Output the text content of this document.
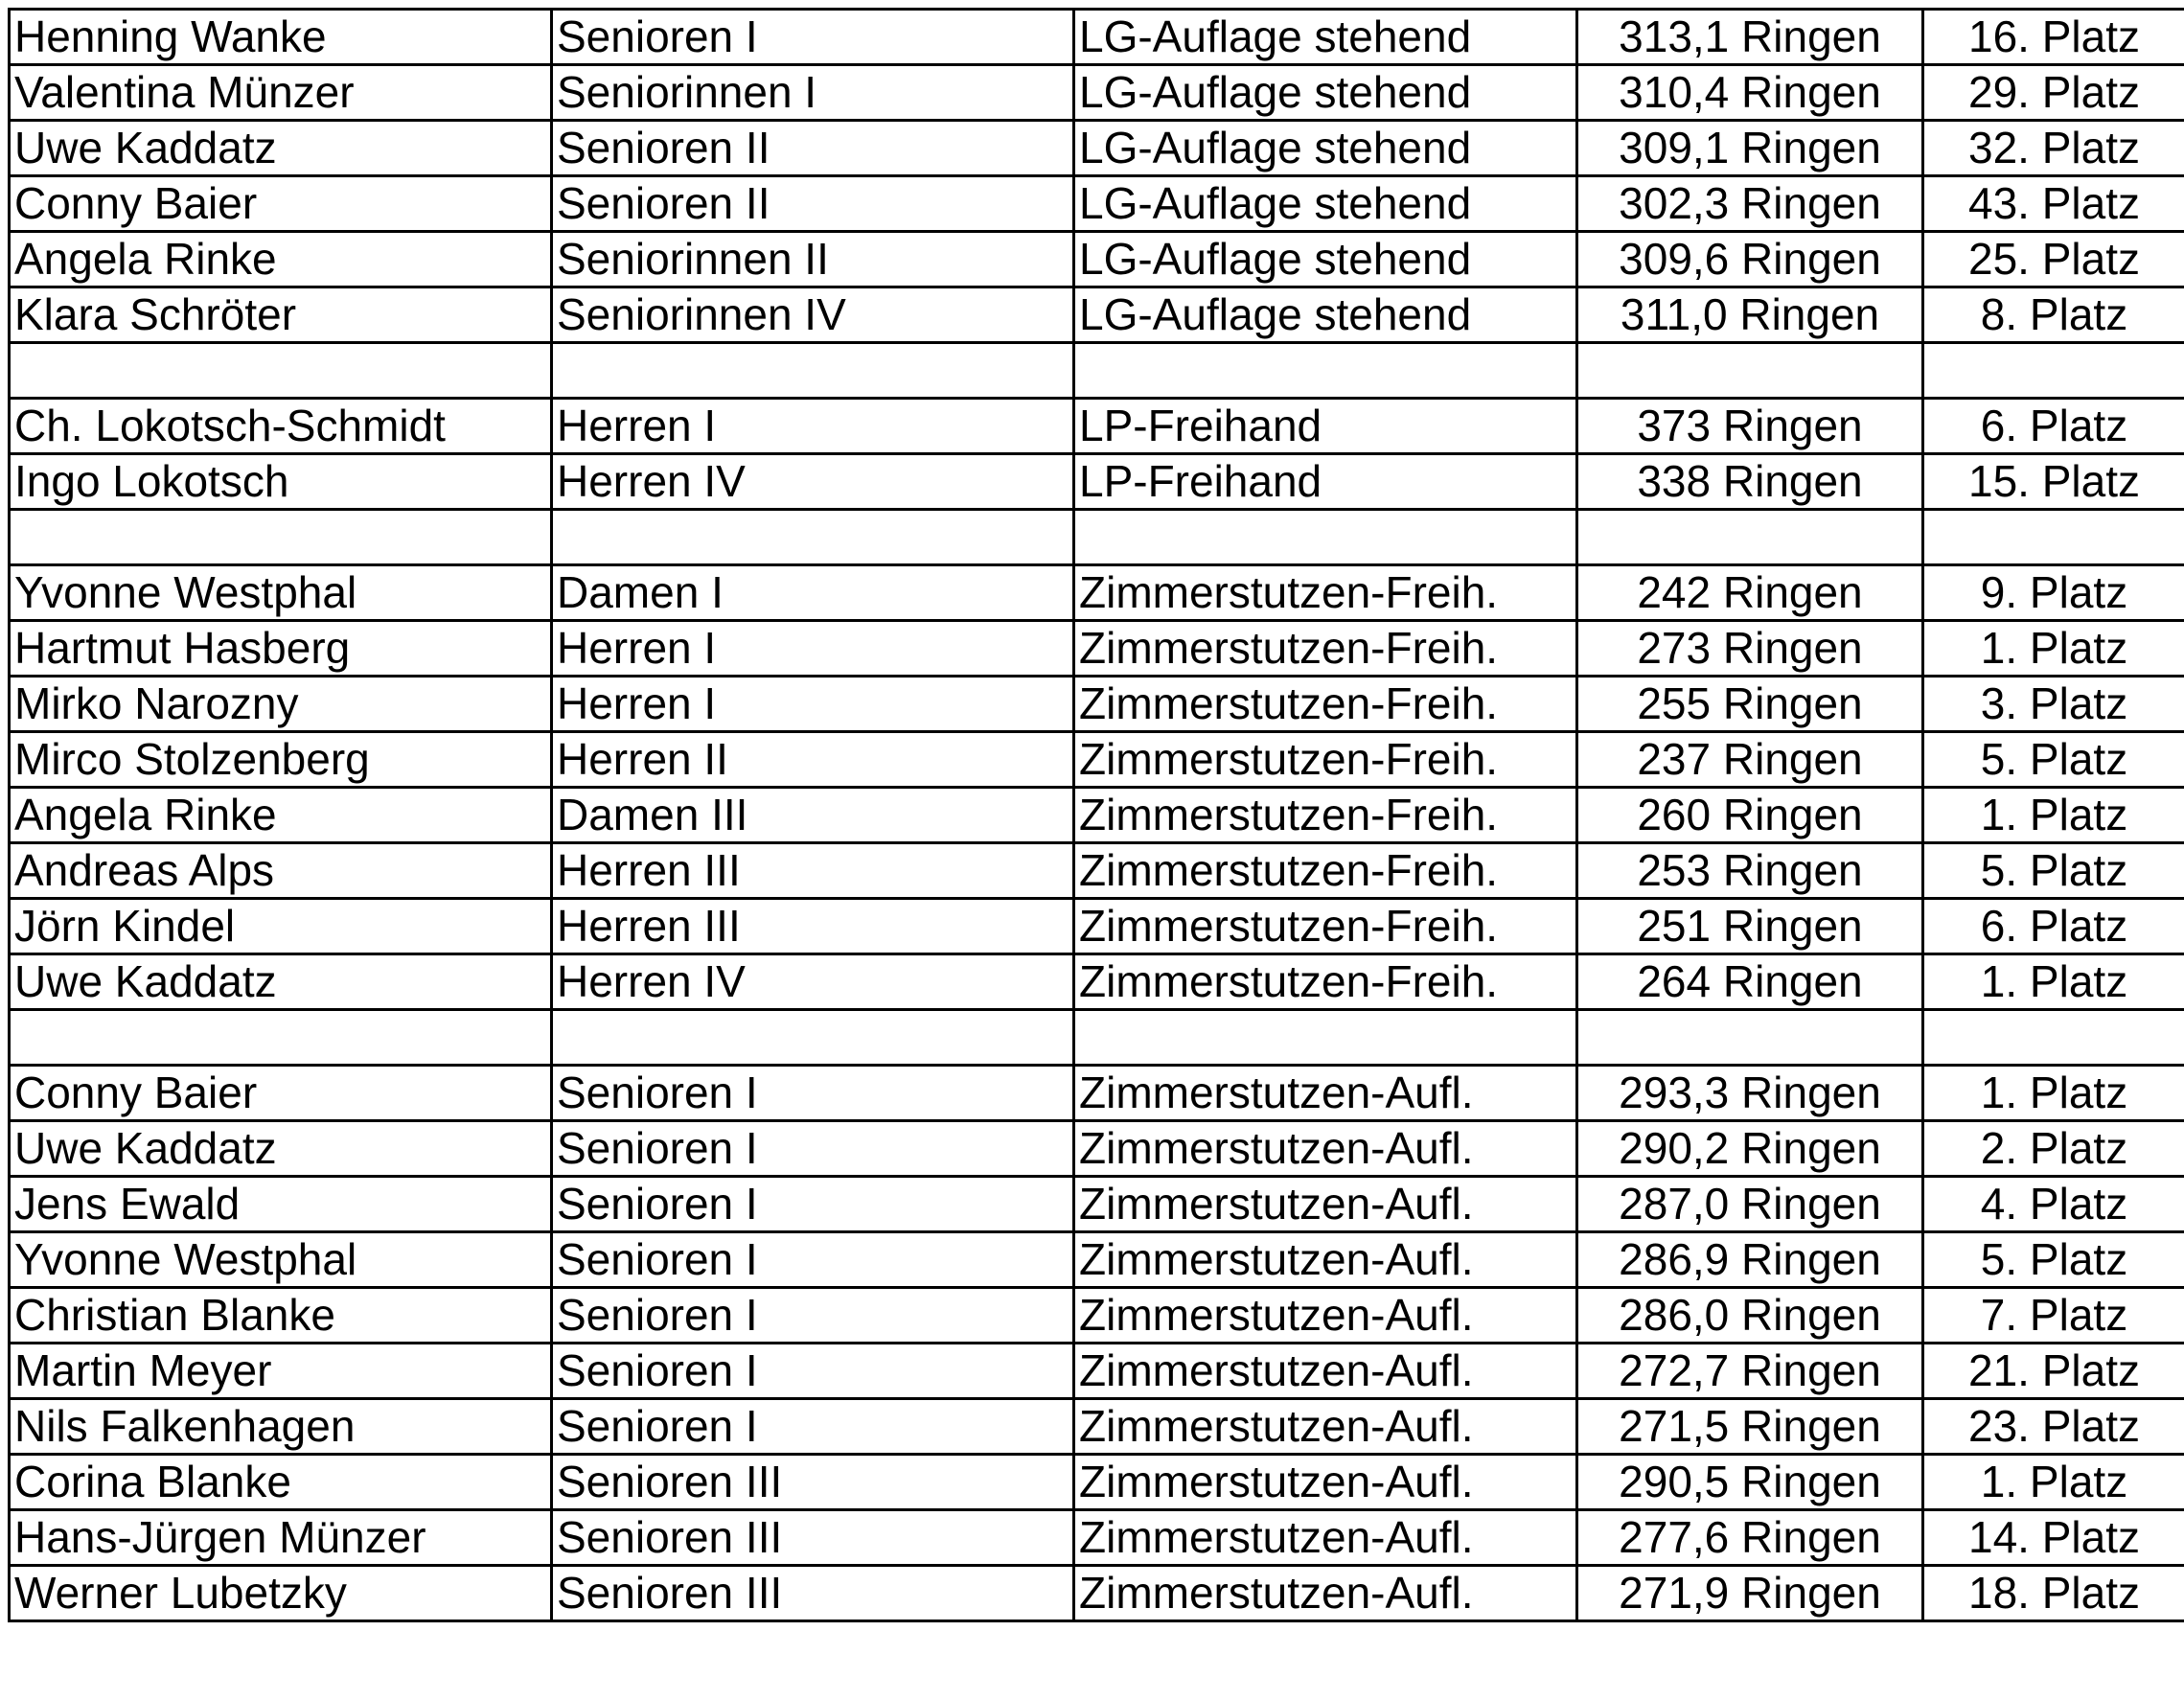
Henning Wanke	Senioren I	LG-Auflage stehend	313,1 Ringen	16. Platz
Valentina Münzer	Seniorinnen I	LG-Auflage stehend	310,4 Ringen	29. Platz
Uwe Kaddatz	Senioren II	LG-Auflage stehend	309,1 Ringen	32. Platz
Conny Baier	Senioren II	LG-Auflage stehend	302,3 Ringen	43. Platz
Angela Rinke	Seniorinnen II	LG-Auflage stehend	309,6 Ringen	25. Platz
Klara Schröter	Seniorinnen IV	LG-Auflage stehend	311,0 Ringen	8. Platz

Ch. Lokotsch-Schmidt	Herren I	LP-Freihand	373 Ringen	6. Platz
Ingo Lokotsch	Herren IV	LP-Freihand	338 Ringen	15. Platz

Yvonne Westphal	Damen I	Zimmerstutzen-Freih.	242 Ringen	9. Platz
Hartmut Hasberg	Herren I	Zimmerstutzen-Freih.	273 Ringen	1. Platz
Mirko Narozny	Herren I	Zimmerstutzen-Freih.	255 Ringen	3. Platz
Mirco Stolzenberg	Herren II	Zimmerstutzen-Freih.	237 Ringen	5. Platz
Angela Rinke	Damen III	Zimmerstutzen-Freih.	260 Ringen	1. Platz
Andreas Alps	Herren III	Zimmerstutzen-Freih.	253 Ringen	5. Platz
Jörn Kindel	Herren III	Zimmerstutzen-Freih.	251 Ringen	6. Platz
Uwe Kaddatz	Herren IV	Zimmerstutzen-Freih.	264 Ringen	1. Platz

Conny Baier	Senioren I	Zimmerstutzen-Aufl.	293,3 Ringen	1. Platz
Uwe Kaddatz	Senioren I	Zimmerstutzen-Aufl.	290,2 Ringen	2. Platz
Jens Ewald	Senioren I	Zimmerstutzen-Aufl.	287,0 Ringen	4. Platz
Yvonne Westphal	Senioren I	Zimmerstutzen-Aufl.	286,9 Ringen	5. Platz
Christian Blanke	Senioren I	Zimmerstutzen-Aufl.	286,0 Ringen	7. Platz
Martin Meyer	Senioren I	Zimmerstutzen-Aufl.	272,7 Ringen	21. Platz
Nils Falkenhagen	Senioren I	Zimmerstutzen-Aufl.	271,5 Ringen	23. Platz
Corina Blanke	Senioren III	Zimmerstutzen-Aufl.	290,5 Ringen	1. Platz
Hans-Jürgen Münzer	Senioren III	Zimmerstutzen-Aufl.	277,6 Ringen	14. Platz
Werner Lubetzky	Senioren III	Zimmerstutzen-Aufl.	271,9 Ringen	18. Platz
